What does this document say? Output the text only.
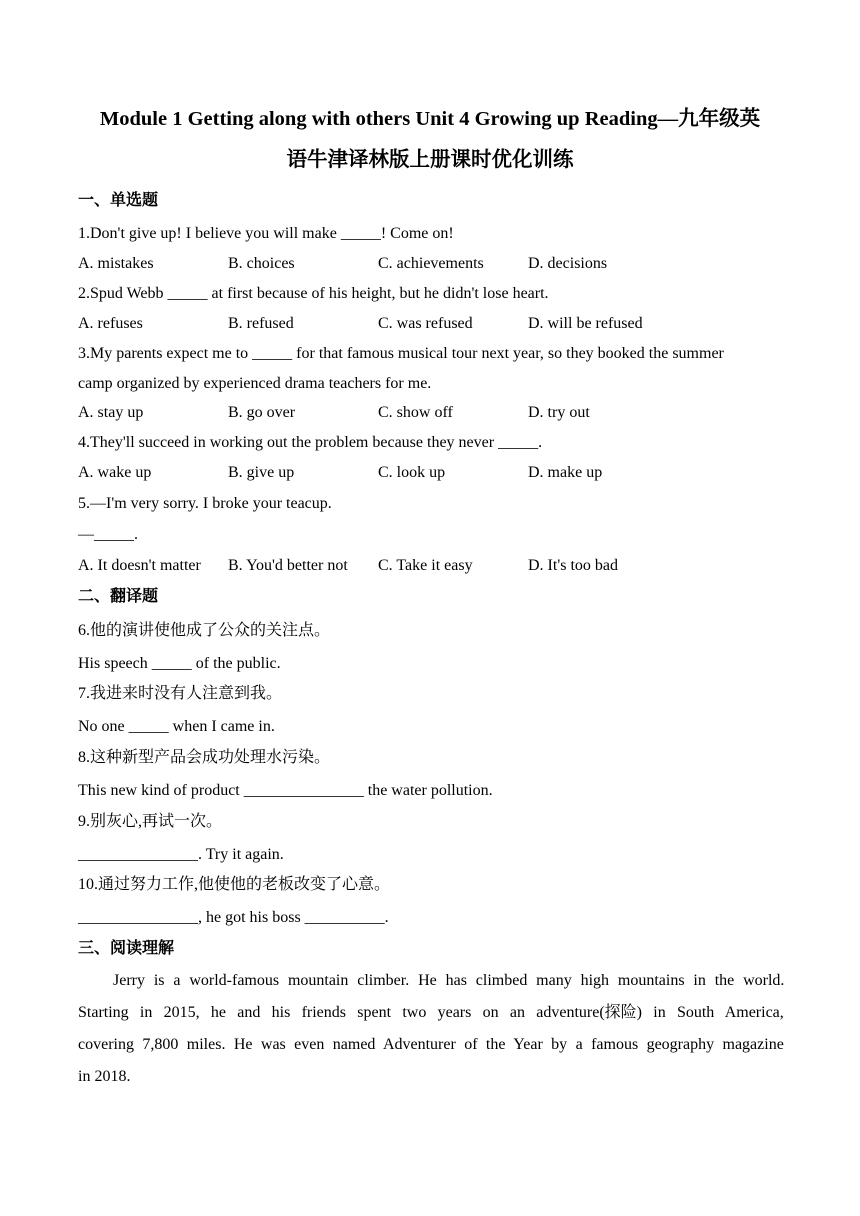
Module 1 Getting along with others Unit 4 Growing up Reading—九年级英
语牛津译林版上册课时优化训练
一、单选题
1.Don't give up! I believe you will make _____! Come on!
A. mistakes	B. choices	C. achievements	D. decisions
2.Spud Webb _____ at first because of his height, but he didn't lose heart.
A. refuses	B. refused	C. was refused	D. will be refused
3.My parents expect me to _____ for that famous musical tour next year, so they booked the summer
camp organized by experienced drama teachers for me.
A. stay up	B. go over	C. show off	D. try out
4.They'll succeed in working out the problem because they never _____.
A. wake up	B. give up	C. look up	D. make up
5.—I'm very sorry. I broke your teacup.
—_____.
A. It doesn't matter B. You'd better not C. Take it easy	D. It's too bad
二、翻译题
6.他的演讲使他成了公众的关注点。
His speech _____ of the public.
7.我进来时没有人注意到我。
No one _____ when I came in.
8.这种新型产品会成功处理水污染。
This new kind of product _______________ the water pollution.
9.别灰心,再试一次。
_______________. Try it again.
10.通过努力工作,他使他的老板改变了心意。
_______________, he got his boss __________.
三、阅读理解
Jerry is a world-famous mountain climber. He has climbed many high mountains in the world.
Starting in 2015, he and his friends spent two years on an adventure(探险) in South America,
covering 7,800 miles. He was even named Adventurer of the Year by a famous geography magazine
in 2018.
